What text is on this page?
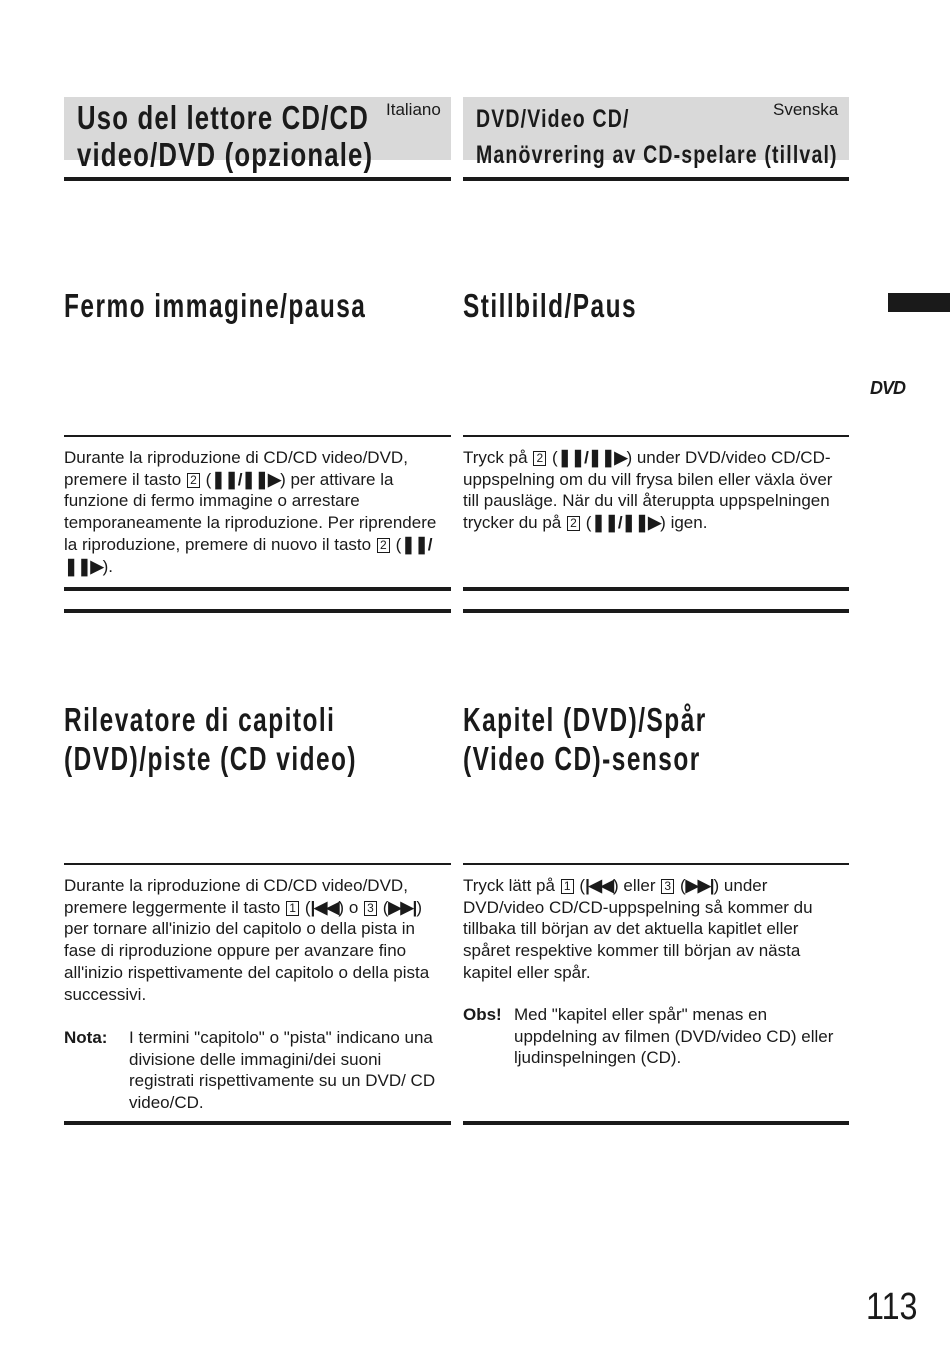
Uso del lettore CD/CD
video/DVD (opzionale)
Italiano DVD/Video CD/
Manövrering av CD-spelare (tillval)
Svenska
DVD
Fermo immagine/pausa	Stillbild/Paus
Durante la riproduzione di CD/CD video/DVD, premere il tasto 2 (❚❚/❚❚▶) per attivare la funzione di fermo immagine o arrestare temporaneamente la riproduzione. Per riprendere la riproduzione, premere di nuovo il tasto 2 (❚❚/❚❚▶).
Tryck på 2 (❚❚/❚❚▶) under DVD/video CD/CD-uppspelning om du vill frysa bilen eller växla över till pausläge. När du vill återuppta uppspelningen trycker du på 2 (❚❚/❚❚▶) igen.
Rilevatore di capitoli
(DVD)/piste (CD video)
Kapitel (DVD)/Spår
(Video CD)-sensor
Durante la riproduzione di CD/CD video/DVD, premere leggermente il tasto 1 (|◀◀) o 3 (▶▶|) per tornare all'inizio del capitolo o della pista in fase di riproduzione oppure per avanzare fino all'inizio rispettivamente del capitolo o della pista successivi.
Nota:	I termini "capitolo" o "pista" indicano una divisione delle immagini/dei suoni registrati rispettivamente su un DVD/ CD video/CD.
Tryck lätt på 1 (|◀◀) eller 3 (▶▶|) under DVD/video CD/CD-uppspelning så kommer du tillbaka till början av det aktuella kapitlet eller spåret respektive kommer till början av nästa kapitel eller spår.
Obs! Med "kapitel eller spår" menas en uppdelning av filmen (DVD/video CD) eller ljudinspelningen (CD).
113
